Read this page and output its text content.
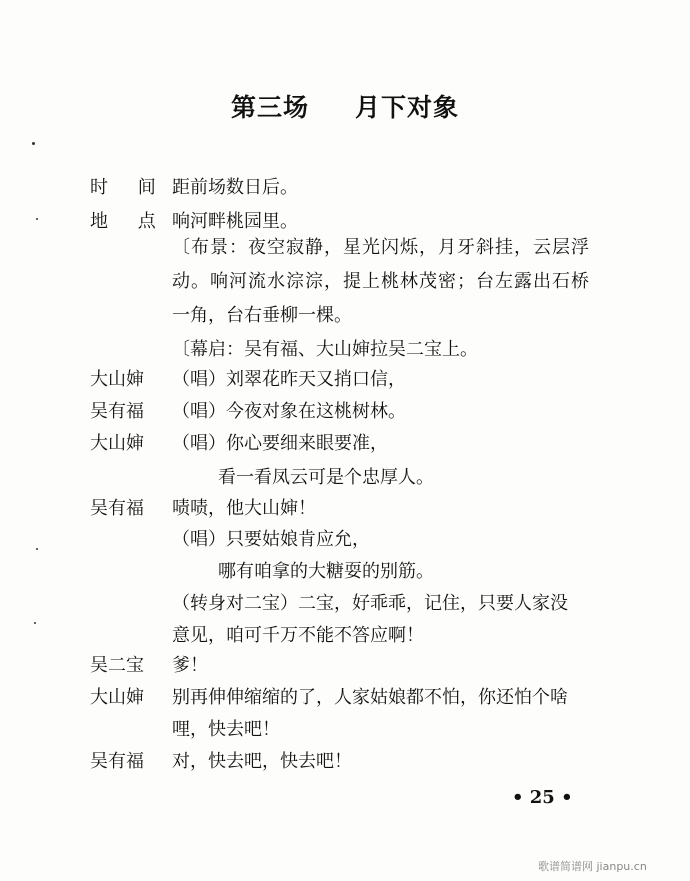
第三场 月下对象
时 间 距前场数日后。
地 点 响河畔桃园里。
〔布景：夜空寂静，星光闪烁，月牙斜挂，云层浮
动。响河流水淙淙，提上桃林茂密；台左露出石桥
一角，台右垂柳一棵。
〔幕启：吴有福、大山婶拉吴二宝上。
大山婶 （唱）刘翠花昨天又捎口信，
吴有福 （唱）今夜对象在这桃树林。
大山婶 （唱）你心要细来眼要准，
看一看凤云可是个忠厚人。
吴有福 啧啧，他大山婶！
（唱）只要姑娘肯应允，
哪有咱拿的大糖耍的别筋。
（转身对二宝）二宝，好乖乖，记住，只要人家没
意见，咱可千万不能不答应啊！
吴二宝 爹！
大山婶 别再伸伸缩缩的了，人家姑娘都不怕，你还怕个啥
哩，快去吧！
吴有福 对，快去吧，快去吧！
• 25 •
歌谱简谱网 jianpu.cn
